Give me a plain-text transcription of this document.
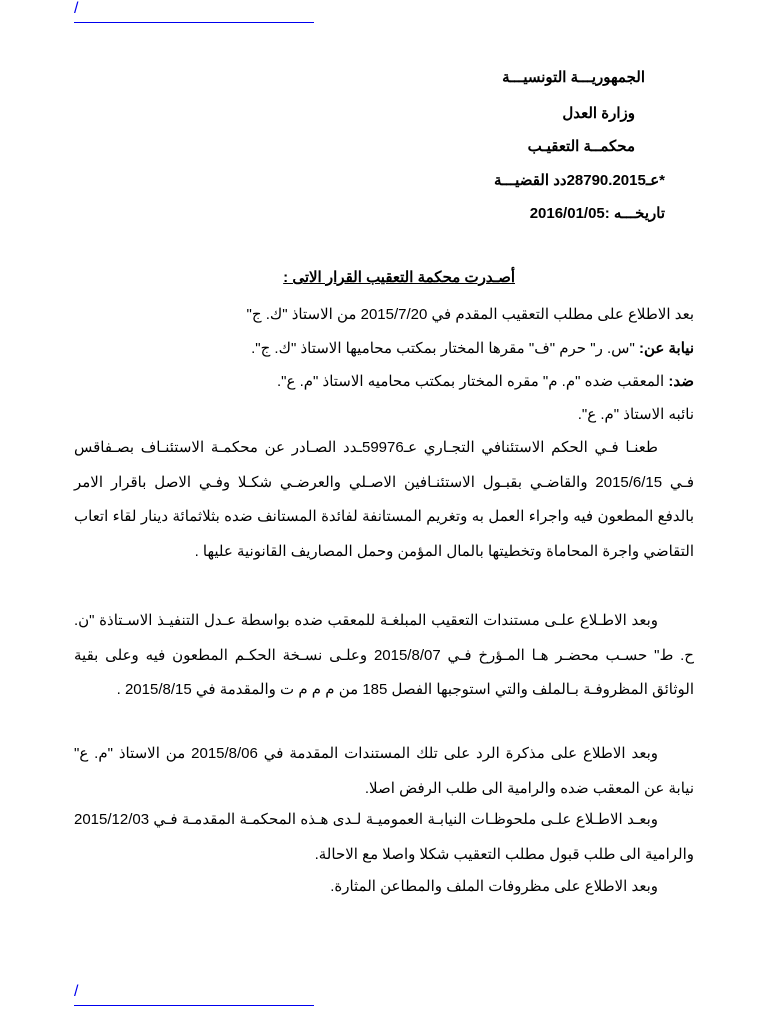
/
الجمهوريـــة التونسيـــة
وزارة العدل
محكمــة التعقيـب
*عـ28790.2015دد القضيـــة
تاريخـــه :2016/01/05
أصـدرت محكمة التعقيب القرار الاتى :
بعد الاطلاع على مطلب التعقيب المقدم في 2015/7/20 من الاستاذ "ك. ج"
نيابة عن: "س. ر" حرم "ف" مقرها المختار بمكتب محاميها الاستاذ "ك. ج".
ضد: المعقب ضده "م. م" مقره المختار بمكتب محاميه الاستاذ "م. ع".
نائبه الاستاذ "م. ع".
طعنـا فـي الحكم الاستئنافي التجـاري عـ59976ـدد الصـادر عن محكمـة الاستئنـاف بصـفاقس فـي 2015/6/15 والقاضـي بقبـول الاستئنـافين الاصـلي والعرضـي شكـلا وفـي الاصل باقرار الامر بالدفع المطعون فيه واجراء العمل به وتغريم المستانفة لفائدة المستانف ضده بثلاثمائة دينار لقاء اتعاب التقاضي واجرة المحاماة وتخطيتها بالمال المؤمن وحمل المصاريف القانونية عليها .
وبعد الاطـلاع علـى مستندات التعقيب المبلغـة للمعقب ضده بواسطة عـدل التنفيـذ الاسـتاذة "ن. ح. ط" حسـب محضـر هـا المـؤرخ فـي 2015/8/07 وعلـى نسـخة الحكـم المطعون فيه وعلى بقية الوثائق المظروفـة بـالملف والتي استوجبها الفصل 185 من م م م ت والمقدمة في 2015/8/15 .
وبعد الاطلاع على مذكرة الرد على تلك المستندات المقدمة في 2015/8/06 من الاستاذ "م. ع" نيابة عن المعقب ضده والرامية الى طلب الرفض اصلا.
وبعـد الاطـلاع علـى ملحوظـات النيابـة العموميـة لـدى هـذه المحكمـة المقدمـة فـي 2015/12/03 والرامية الى طلب قبول مطلب التعقيب شكلا واصلا مع الاحالة.
وبعد الاطلاع على مظروفات الملف والمطاعن المثارة.
/
